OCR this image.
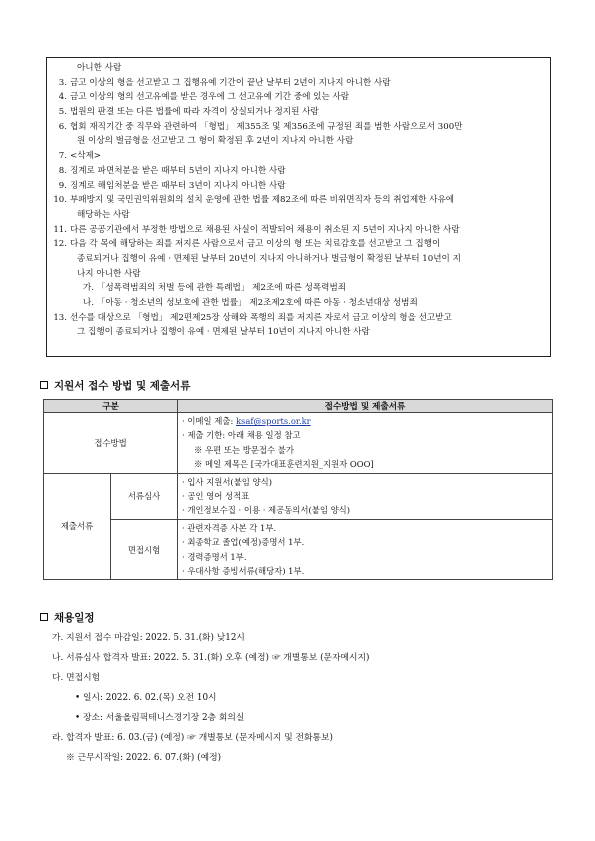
아니한 사람
3. 금고 이상의 형을 선고받고 그 집행유예 기간이 끝난 날부터 2년이 지나지 아니한 사람
4. 금고 이상의 형의 선고유예를 받은 경우에 그 선고유예 기간 중에 있는 사람
5. 법원의 판결 또는 다른 법률에 따라 자격이 상실되거나 정지된 사람
6. 협회 재직기간 중 직무와 관련하여 「형법」 제355조 및 제356조에 규정된 죄를 범한 사람으로서 300만
원 이상의 벌금형을 선고받고 그 형이 확정된 후 2년이 지나지 아니한 사람
7. <삭제>
8. 징계로 파면처분을 받은 때부터 5년이 지나지 아니한 사람
9. 징계로 해임처분을 받은 때부터 3년이 지나지 아니한 사람
10. 부패방지 및 국민권익위원회의 설치 운영에 관한 법률 제82조에 따른 비위면직자 등의 취업제한 사유에
해당하는 사람
11. 다른 공공기관에서 부정한 방법으로 채용된 사실이 적발되어 채용이 취소된 지 5년이 지나지 아니한 사람
12. 다음 각 목에 해당하는 죄를 저지른 사람으로서 금고 이상의 형 또는 치료감호를 선고받고 그 집행이
종료되거나 집행이 유예 · 면제된 날부터 20년이 지나지 아니하거나 벌금형이 확정된 날부터 10년이 지
나지 아니한 사람
가. 「성폭력범죄의 처벌 등에 관한 특례법」 제2조에 따른 성폭력범죄
나. 「아동 · 청소년의 성보호에 관한 법률」 제2조제2호에 따른 아동 · 청소년대상 성범죄
13. 선수를 대상으로 「형법」 제2편제25장 상해와 폭행의 죄를 저지른 자로서 금고 이상의 형을 선고받고
그 집행이 종료되거나 집행이 유예 · 면제된 날부터 10년이 지나지 아니한 사람
지원서 접수 방법 및 제출서류
구분		접수방법 및 제출서류
접수방법		· 이메일 제출: ksaf@sports.or.kr
· 제출 기한: 아래 채용 일정 참고
※ 우편 또는 방문접수 불가
※ 메일 제목은 [국가대표훈련지원_지원자 OOO]

제출서류	서류심사	· 입사 지원서(붙임 양식)
· 공인 영어 성적표
· 개인정보수집 · 이용 · 제공동의서(붙임 양식)

	면접시험	· 관련자격증 사본 각 1부.
· 최종학교 졸업(예정)증명서 1부.
· 경력증명서 1부.
· 우대사항 증빙서류(해당자) 1부.
채용일정
가. 지원서 접수 마감일: 2022. 5. 31.(화) 낮12시
나. 서류심사 합격자 발표: 2022. 5. 31.(화) 오후 (예정) ☞ 개별통보 (문자메시지)
다. 면접시험
• 일시: 2022. 6. 02.(목) 오전 10시
• 장소: 서울올림픽테니스경기장 2층 회의실
라. 합격자 발표: 6. 03.(금) (예정) ☞ 개별통보 (문자메시지 및 전화통보)
※ 근무시작일: 2022. 6. 07.(화) (예정)
